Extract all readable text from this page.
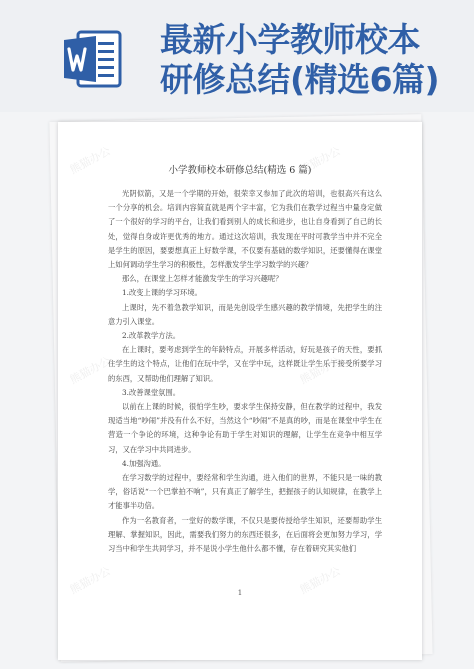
最新小学教师校本
研修总结(精选6篇)
熊猫办公	熊猫办公
熊猫办公	熊猫办公
熊猫办公	熊猫办公
小学教师校本研修总结(精选 6 篇)

光阴似箭，又是一个学期的开始，很荣幸又参加了此次的培训，也很高兴有这么一个分享的机会。培训内容简直就是两个字丰富，它为我们在教学过程当中量身定做了一个很好的学习的平台，让我们看到别人的成长和进步，也让自身看到了自己的长处，觉得自身或许更优秀的地方。通过这次培训，我发现在平时可教学当中并不完全是学生的原因，要要想真正上好数学课，不仅要有基础的数学知识，还要懂得在课堂上如何调动学生学习的积极性，怎样激发学生学习数学的兴趣？

那么，在课堂上怎样才能激发学生的学习兴趣呢？

1.改变上课的学习环境。

上课时，先不着急教学知识，而是先创设学生感兴趣的教学情境，先把学生的注意力引入课堂。

2.改革教学方法。

在上课时，要考虑到学生的年龄特点，开展多样活动，好玩是孩子的天性，要抓住学生的这个特点，让他们在玩中学，又在学中玩，这样既让学生乐于接受所要学习的东西，又帮助他们理解了知识。

3.改善课堂氛围。

以前在上课的时候，很怕学生吵，要求学生保持安静，但在教学的过程中，我发现适当地“吵闹”并没有什么不好，当然这个“吵闹”不是真的吵，而是在课堂中学生在营造一个争论的环境，这种争论有助于学生对知识的理解，让学生在竞争中相互学习，又在学习中共同进步。

4.加强沟通。

在学习数学的过程中，要经常和学生沟通，进入他们的世界，不能只是一味的教学，俗话说“一个巴掌拍不响”，只有真正了解学生，把握孩子的认知规律，在教学上才能事半功倍。

作为一名教育者，一堂好的数学课，不仅只是要传授给学生知识，还要帮助学生理解、掌握知识，因此，需要我们努力的东西还很多，在后面将会更加努力学习，学习当中和学生共同学习，并不是说小学生他什么都不懂，存在着研究其实他们

1
